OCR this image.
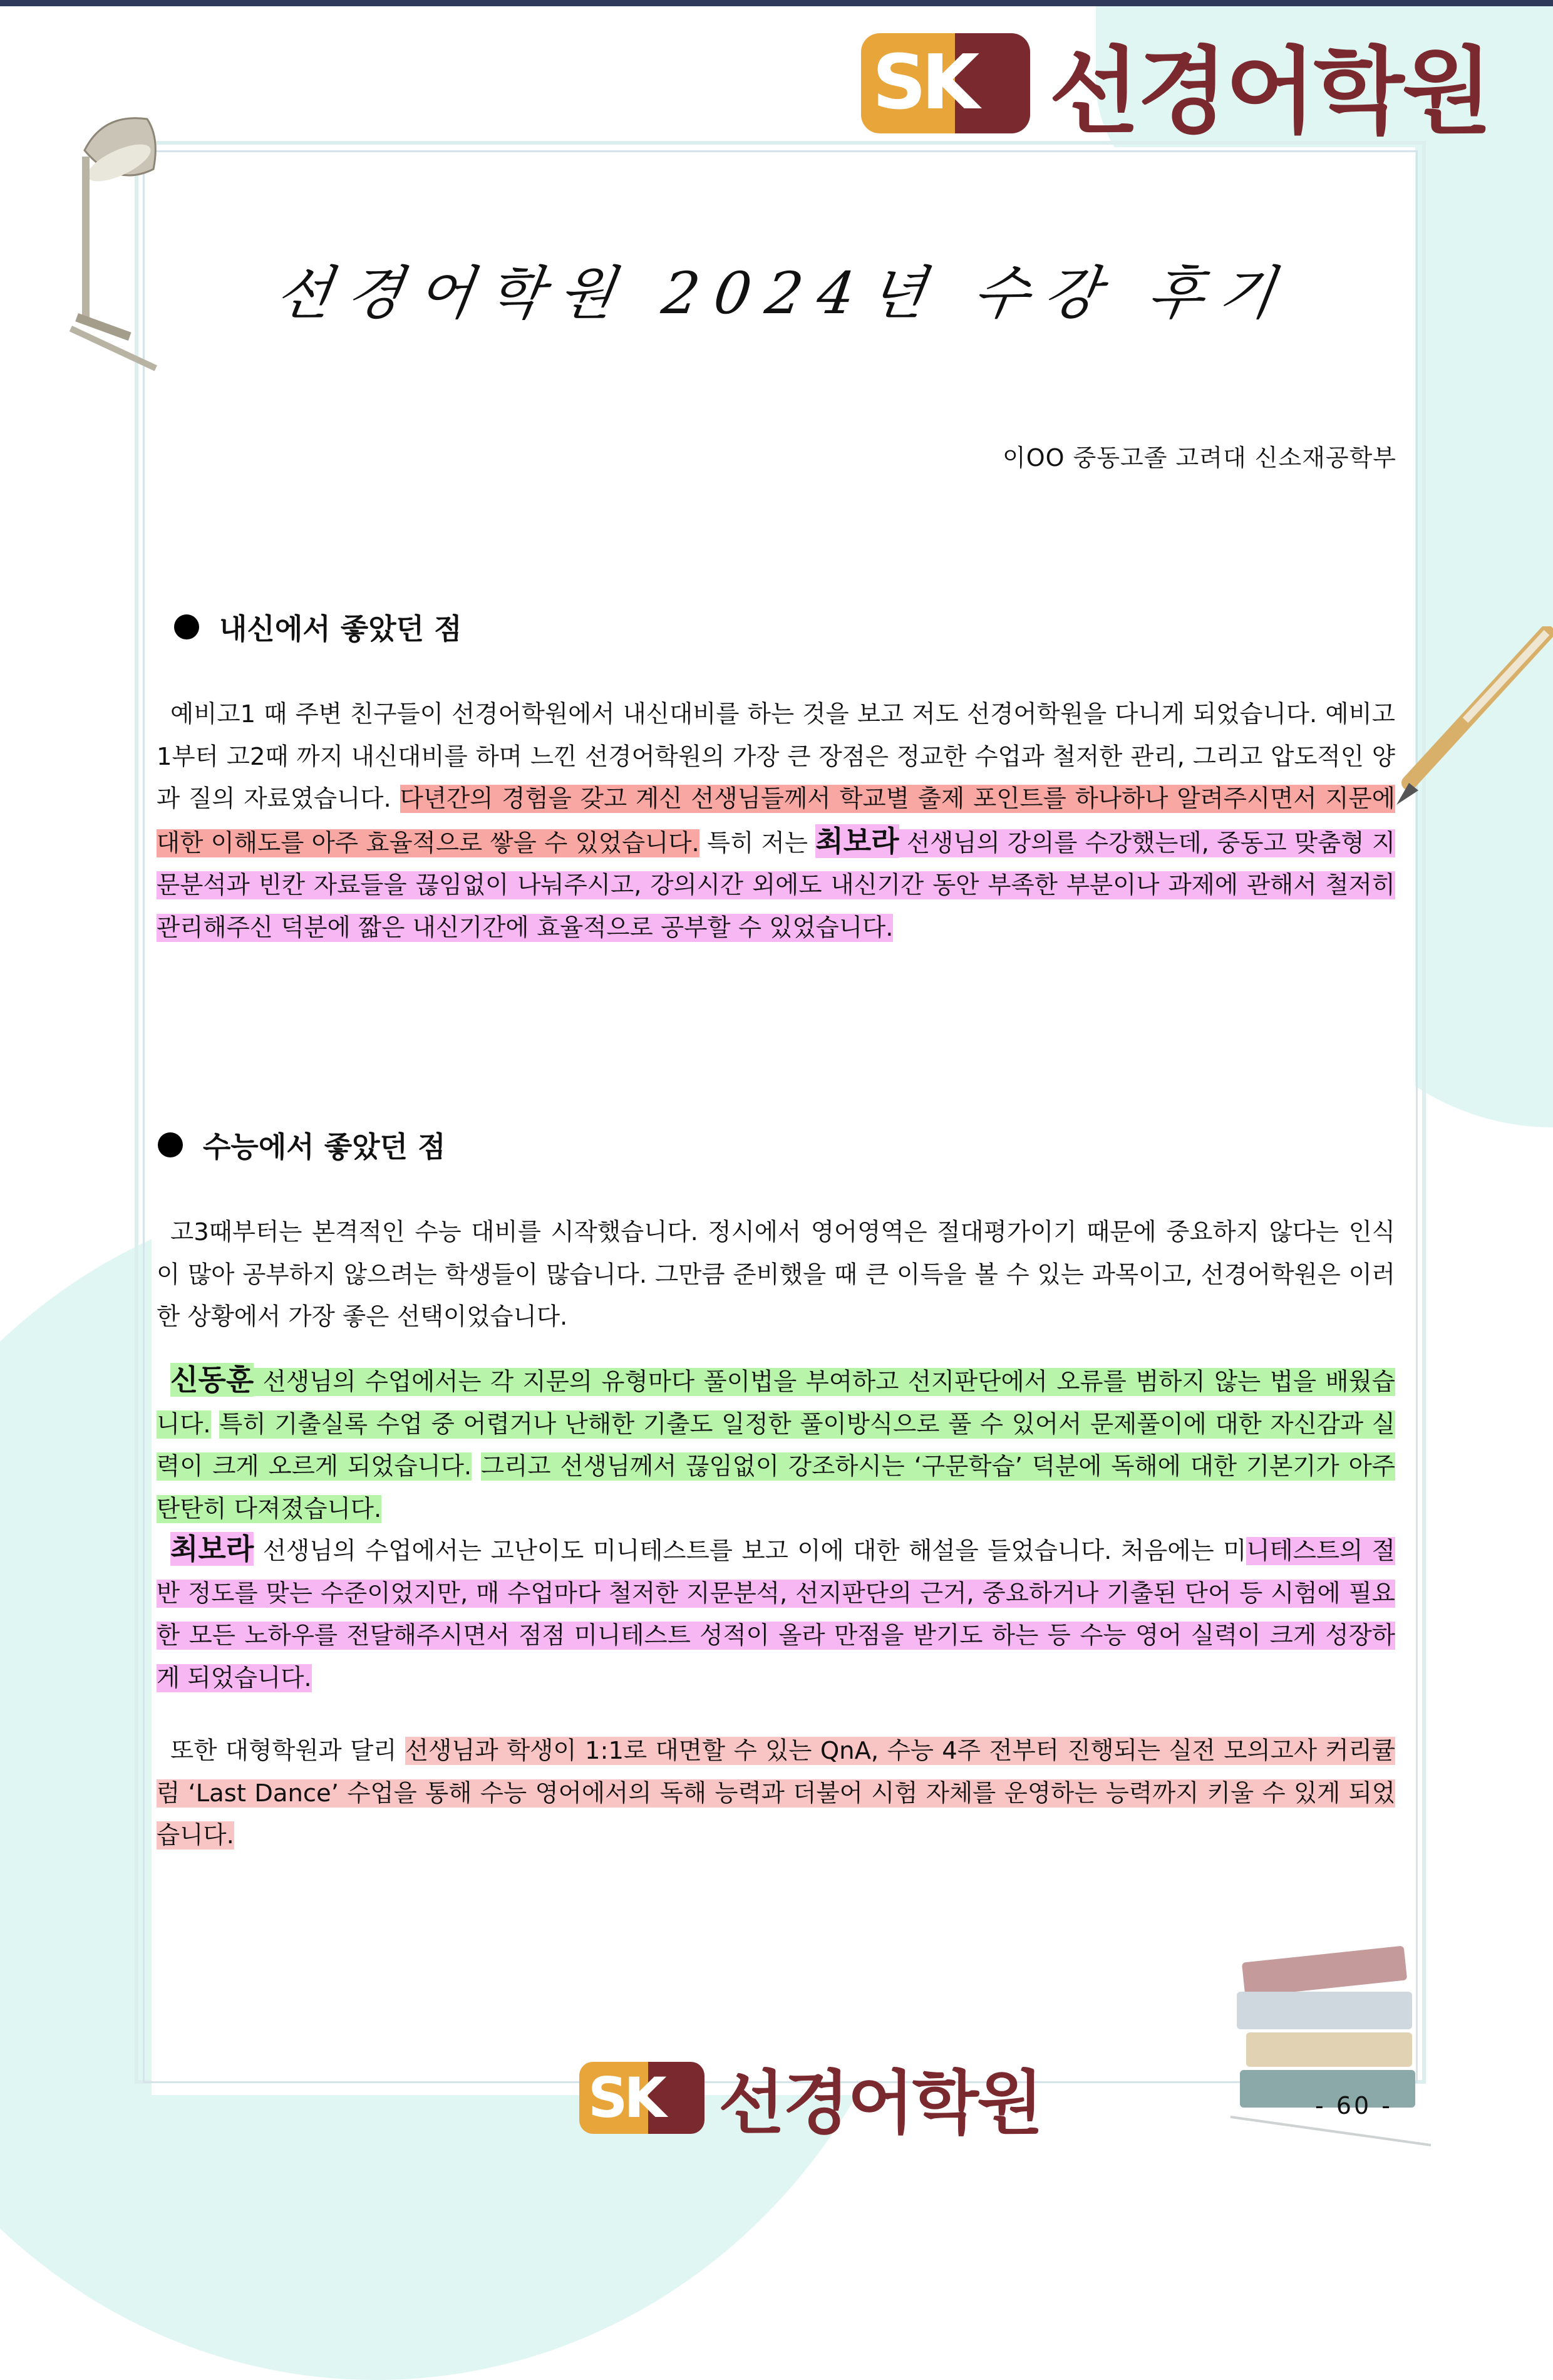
SK 선경어학원
선경어학원 2024년 수강 후기
이OO 중동고졸 고려대 신소재공학부
내신에서 좋았던 점
예비고1 때 주변 친구들이 선경어학원에서 내신대비를 하는 것을 보고 저도 선경어학원을 다니게 되었습니다. 예비고1부터 고2때 까지 내신대비를 하며 느낀 선경어학원의 가장 큰 장점은 정교한 수업과 철저한 관리, 그리고 압도적인 양과 질의 자료였습니다. 다년간의 경험을 갖고 계신 선생님들께서 학교별 출제 포인트를 하나하나 알려주시면서 지문에 대한 이해도를 아주 효율적으로 쌓을 수 있었습니다. 특히 저는 최보라 선생님의 강의를 수강했는데, 중동고 맞춤형 지문분석과 빈칸 자료들을 끊임없이 나눠주시고, 강의시간 외에도 내신기간 동안 부족한 부분이나 과제에 관해서 철저히 관리해주신 덕분에 짧은 내신기간에 효율적으로 공부할 수 있었습니다.
수능에서 좋았던 점
고3때부터는 본격적인 수능 대비를 시작했습니다. 정시에서 영어영역은 절대평가이기 때문에 중요하지 않다는 인식이 많아 공부하지 않으려는 학생들이 많습니다. 그만큼 준비했을 때 큰 이득을 볼 수 있는 과목이고, 선경어학원은 이러한 상황에서 가장 좋은 선택이었습니다.
신동훈 선생님의 수업에서는 각 지문의 유형마다 풀이법을 부여하고 선지판단에서 오류를 범하지 않는 법을 배웠습니다. 특히 기출실록 수업 중 어렵거나 난해한 기출도 일정한 풀이방식으로 풀 수 있어서 문제풀이에 대한 자신감과 실력이 크게 오르게 되었습니다. 그리고 선생님께서 끊임없이 강조하시는 ‘구문학습’ 덕분에 독해에 대한 기본기가 아주 탄탄히 다져졌습니다.
최보라 선생님의 수업에서는 고난이도 미니테스트를 보고 이에 대한 해설을 들었습니다. 처음에는 미니테스트의 절반 정도를 맞는 수준이었지만, 매 수업마다 철저한 지문분석, 선지판단의 근거, 중요하거나 기출된 단어 등 시험에 필요한 모든 노하우를 전달해주시면서 점점 미니테스트 성적이 올라 만점을 받기도 하는 등 수능 영어 실력이 크게 성장하게 되었습니다.
또한 대형학원과 달리 선생님과 학생이 1:1로 대면할 수 있는 QnA, 수능 4주 전부터 진행되는 실전 모의고사 커리큘럼 ‘Last Dance’ 수업을 통해 수능 영어에서의 독해 능력과 더불어 시험 자체를 운영하는 능력까지 키울 수 있게 되었습니다.
SK 선경어학원	- 60 -
